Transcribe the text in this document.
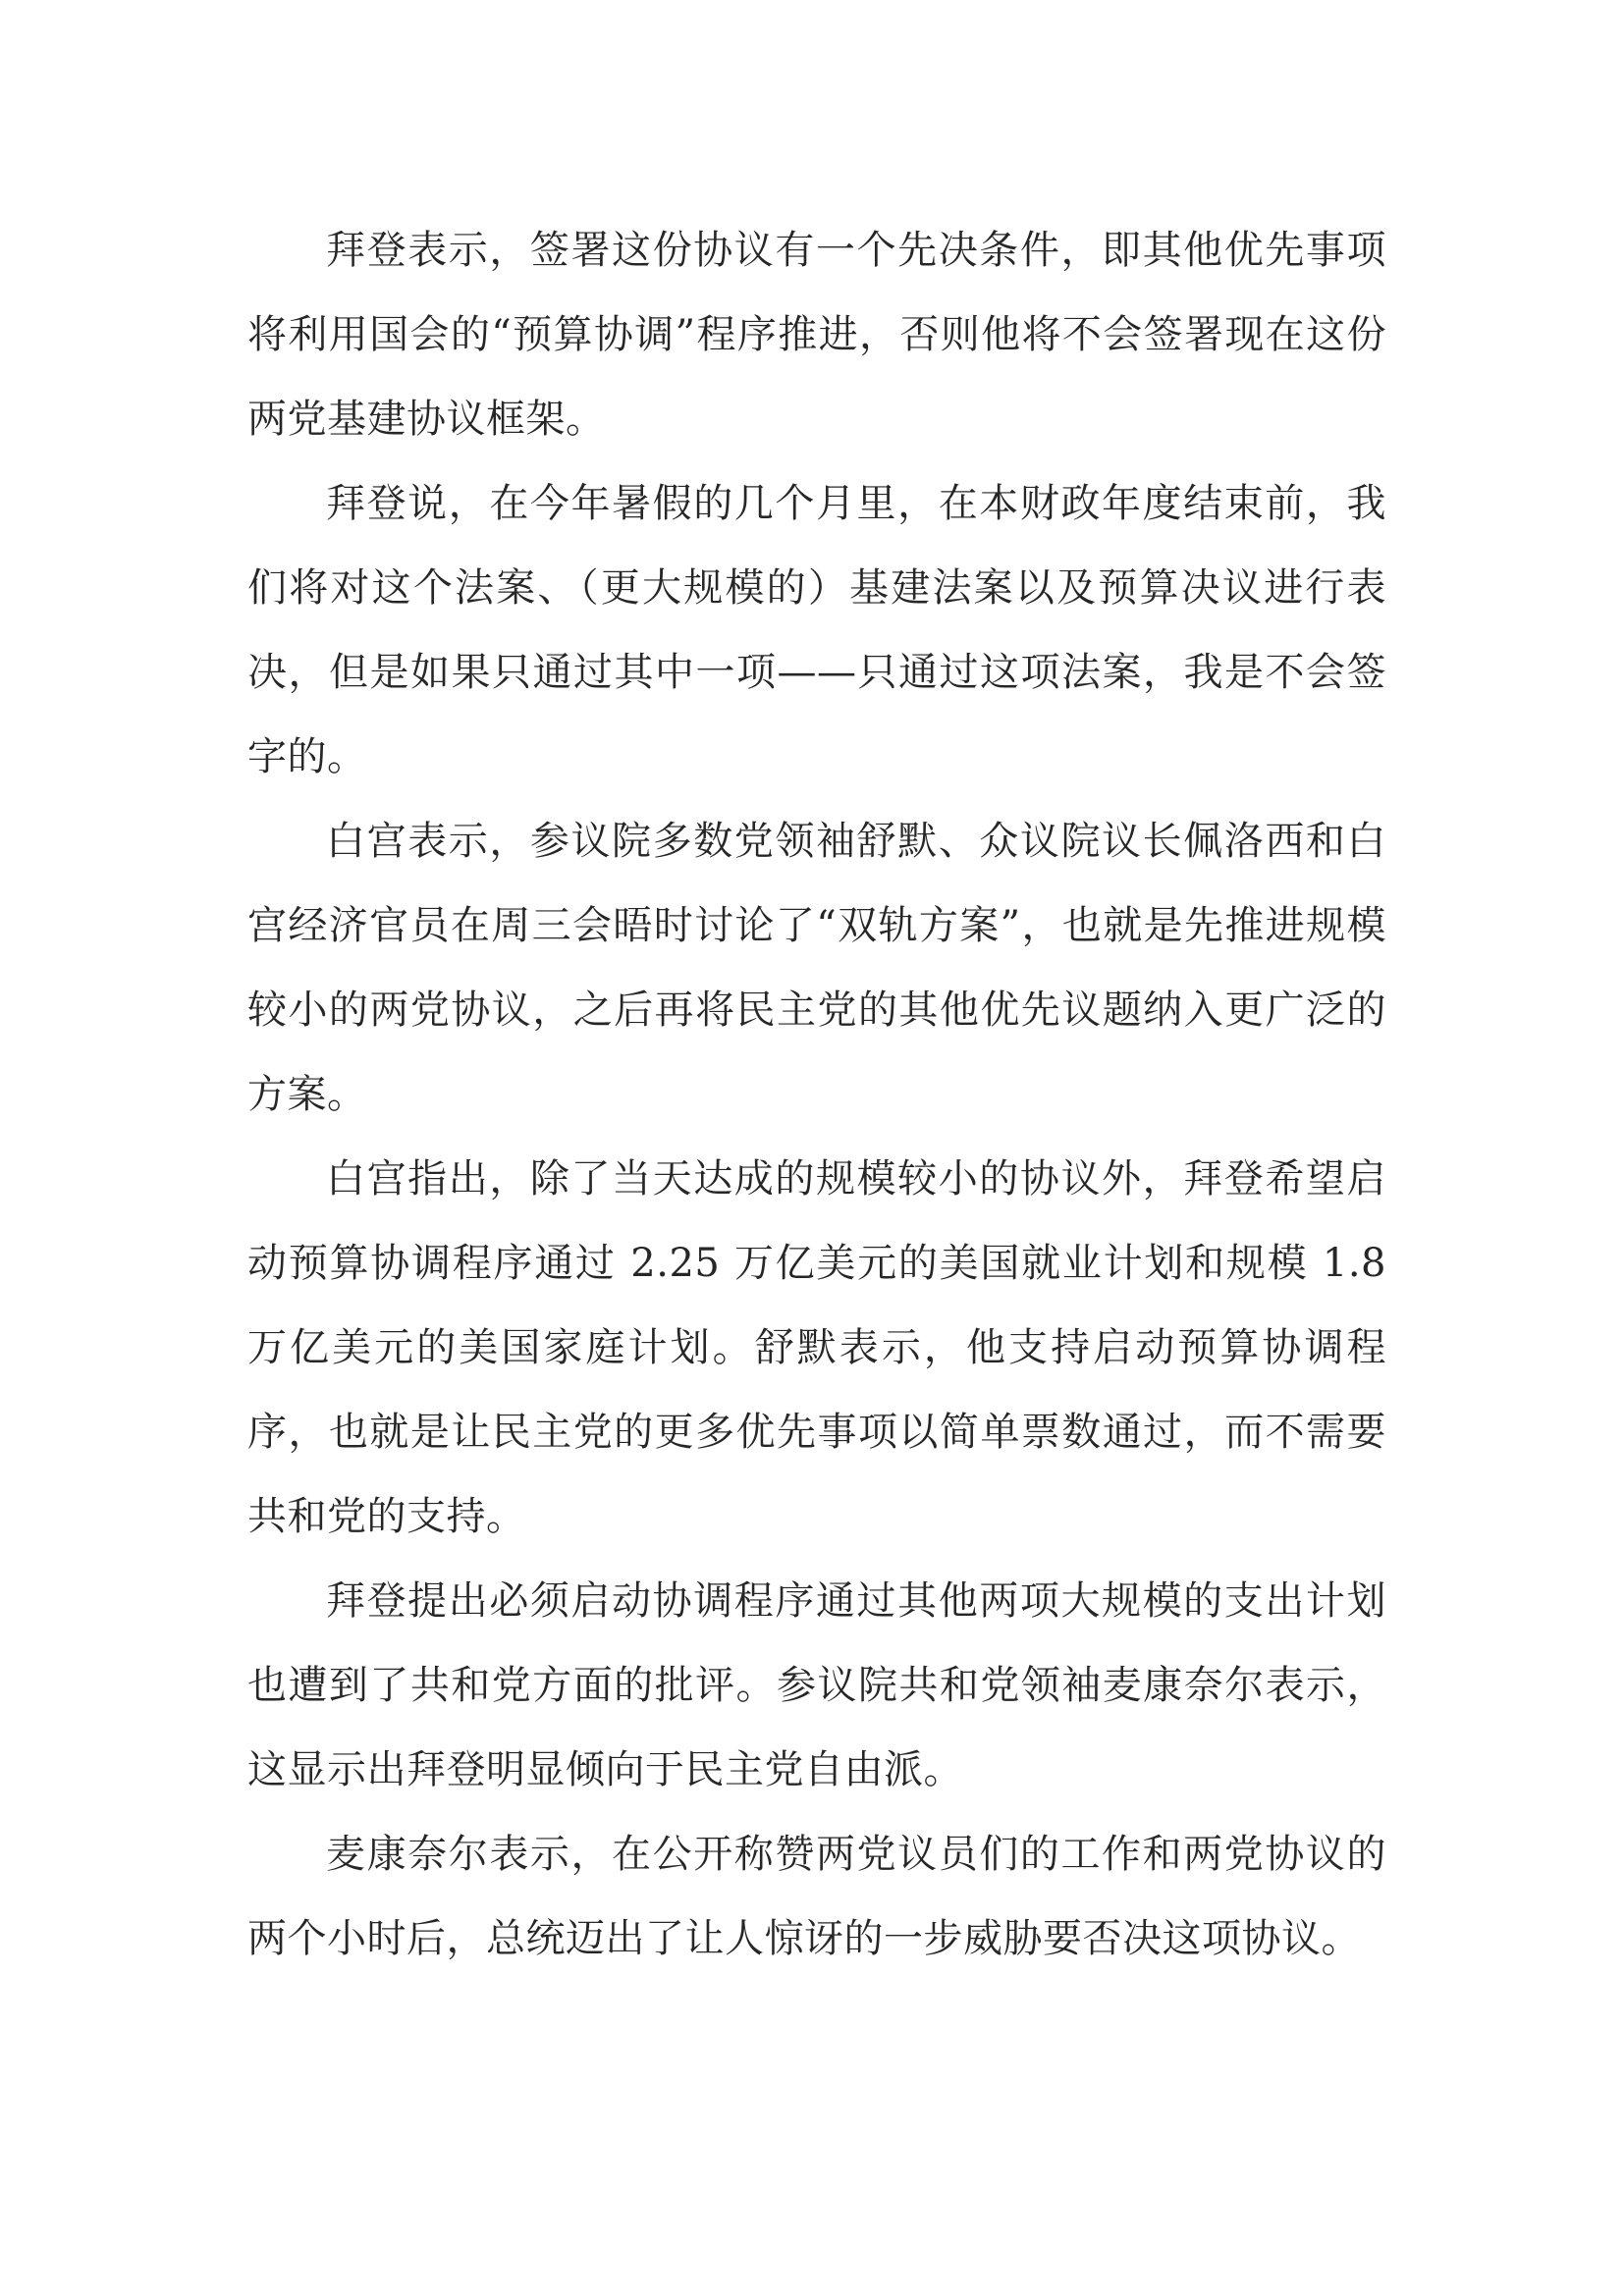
拜登表示，签署这份协议有一个先决条件，即其他优先事项将利用国会的“预算协调”程序推进，否则他将不会签署现在这份两党基建协议框架。

拜登说，在今年暑假的几个月里，在本财政年度结束前，我们将对这个法案、（更大规模的）基建法案以及预算决议进行表决，但是如果只通过其中一项——只通过这项法案，我是不会签字的。

白宫表示，参议院多数党领袖舒默、众议院议长佩洛西和白宫经济官员在周三会晤时讨论了“双轨方案”，也就是先推进规模较小的两党协议，之后再将民主党的其他优先议题纳入更广泛的方案。

白宫指出，除了当天达成的规模较小的协议外，拜登希望启动预算协调程序通过 2.25 万亿美元的美国就业计划和规模 1.8 万亿美元的美国家庭计划。舒默表示，他支持启动预算协调程序，也就是让民主党的更多优先事项以简单票数通过，而不需要共和党的支持。

拜登提出必须启动协调程序通过其他两项大规模的支出计划也遭到了共和党方面的批评。参议院共和党领袖麦康奈尔表示，这显示出拜登明显倾向于民主党自由派。

麦康奈尔表示，在公开称赞两党议员们的工作和两党协议的两个小时后，总统迈出了让人惊讶的一步威胁要否决这项协议。
